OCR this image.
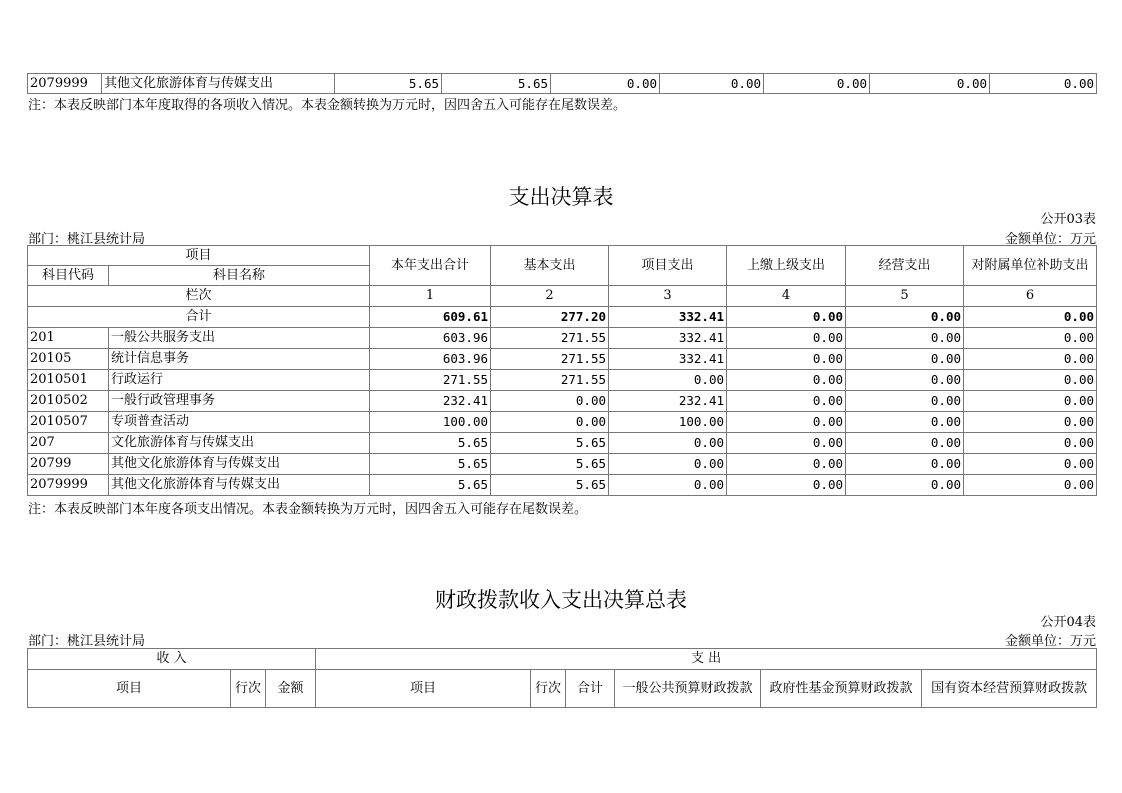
2079999	其他文化旅游体育与传媒支出	5.65	5.65	0.00	0.00	0.00	0.00	0.00
注：本表反映部门本年度取得的各项收入情况。本表金额转换为万元时，因四舍五入可能存在尾数误差。
支出决算表
公开03表
部门：桃江县统计局	金额单位：万元
项目		本年支出合计	基本支出	项目支出	上缴上级支出	经营支出	对附属单位补助支出
科目代码	科目名称						
栏次		1	2	3	4	5	6
合计		609.61	277.20	332.41	0.00	0.00	0.00
201	一般公共服务支出	603.96	271.55	332.41	0.00	0.00	0.00
20105	统计信息事务	603.96	271.55	332.41	0.00	0.00	0.00
2010501	行政运行	271.55	271.55	0.00	0.00	0.00	0.00
2010502	一般行政管理事务	232.41	0.00	232.41	0.00	0.00	0.00
2010507	专项普查活动	100.00	0.00	100.00	0.00	0.00	0.00
207	文化旅游体育与传媒支出	5.65	5.65	0.00	0.00	0.00	0.00
20799	其他文化旅游体育与传媒支出	5.65	5.65	0.00	0.00	0.00	0.00
2079999	其他文化旅游体育与传媒支出	5.65	5.65	0.00	0.00	0.00	0.00
注：本表反映部门本年度各项支出情况。本表金额转换为万元时，因四舍五入可能存在尾数误差。
财政拨款收入支出决算总表
公开04表
部门：桃江县统计局	金额单位：万元
收 入			支 出					
项目	行次	金额	项目	行次	合计	一般公共预算财政拨款	政府性基金预算财政拨款	国有资本经营预算财政拨款
